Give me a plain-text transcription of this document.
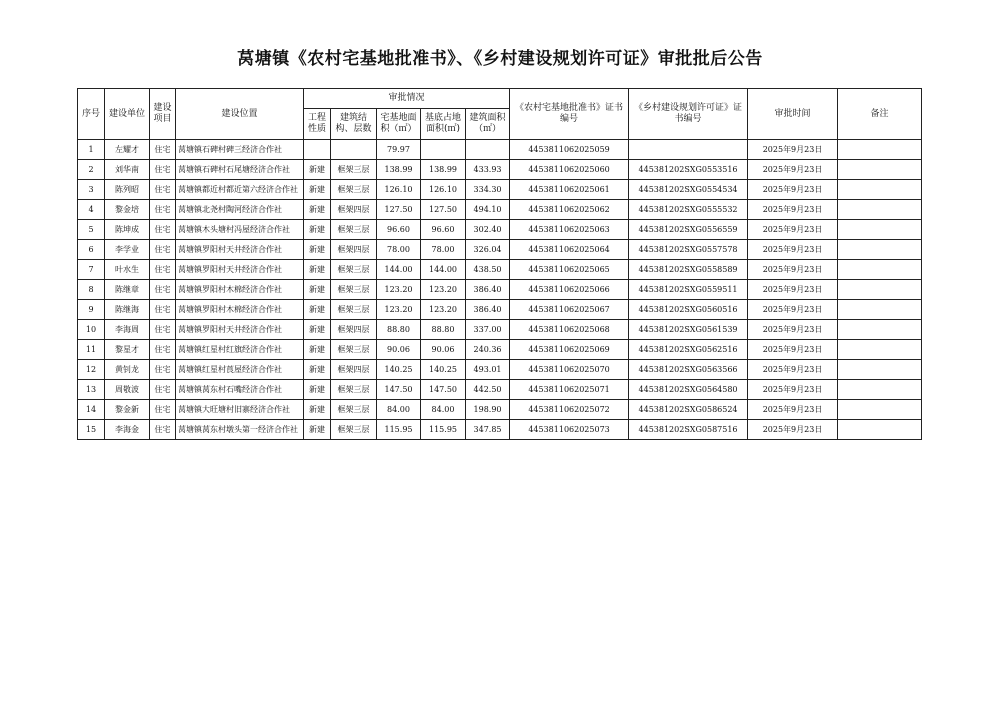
莴塘镇《农村宅基地批准书》、《乡村建设规划许可证》审批批后公告
序号	建设单位	建设项目	建设位置	审批情况					《农村宅基地批准书》证书编号	《乡村建设规划许可证》证书编号	审批时间	备注
				工程性质	建筑结构、层数	宅基地面积（㎡）	基底占地面积(㎡)	建筑面积（㎡）				
1	左耀才	住宅	莴塘镇石碑村碑三经济合作社			79.97			4453811062025059		2025年9月23日	
2	刘华南	住宅	莴塘镇石碑村石尾塘经济合作社	新建	框架三层	138.99	138.99	433.93	4453811062025060	445381202SXG0553516	2025年9月23日	
3	陈列昭	住宅	莴塘镇都近村都近第六经济合作社	新建	框架三层	126.10	126.10	334.30	4453811062025061	445381202SXG0554534	2025年9月23日	
4	黎金培	住宅	莴塘镇北尧村陶河经济合作社	新建	框架四层	127.50	127.50	494.10	4453811062025062	445381202SXG0555532	2025年9月23日	
5	陈坤成	住宅	莴塘镇木头塘村冯屋经济合作社	新建	框架三层	96.60	96.60	302.40	4453811062025063	445381202SXG0556559	2025年9月23日	
6	李学业	住宅	莴塘镇罗阳村天井经济合作社	新建	框架四层	78.00	78.00	326.04	4453811062025064	445381202SXG0557578	2025年9月23日	
7	叶水生	住宅	莴塘镇罗阳村天井经济合作社	新建	框架三层	144.00	144.00	438.50	4453811062025065	445381202SXG0558589	2025年9月23日	
8	陈继章	住宅	莴塘镇罗阳村木棉经济合作社	新建	框架三层	123.20	123.20	386.40	4453811062025066	445381202SXG0559511	2025年9月23日	
9	陈继海	住宅	莴塘镇罗阳村木棉经济合作社	新建	框架三层	123.20	123.20	386.40	4453811062025067	445381202SXG0560516	2025年9月23日	
10	李海周	住宅	莴塘镇罗阳村天井经济合作社	新建	框架四层	88.80	88.80	337.00	4453811062025068	445381202SXG0561539	2025年9月23日	
11	黎星才	住宅	莴塘镇红星村红旗经济合作社	新建	框架三层	90.06	90.06	240.36	4453811062025069	445381202SXG0562516	2025年9月23日	
12	黄钊龙	住宅	莴塘镇红星村莨屋经济合作社	新建	框架四层	140.25	140.25	493.01	4453811062025070	445381202SXG0563566	2025年9月23日	
13	周敬波	住宅	莴塘镇莴东村石嘴经济合作社	新建	框架三层	147.50	147.50	442.50	4453811062025071	445381202SXG0564580	2025年9月23日	
14	黎金新	住宅	莴塘镇大旺塘村旧寨经济合作社	新建	框架三层	84.00	84.00	198.90	4453811062025072	445381202SXG0586524	2025年9月23日	
15	李海金	住宅	莴塘镇莴东村墩头第一经济合作社	新建	框架三层	115.95	115.95	347.85	4453811062025073	445381202SXG0587516	2025年9月23日	
